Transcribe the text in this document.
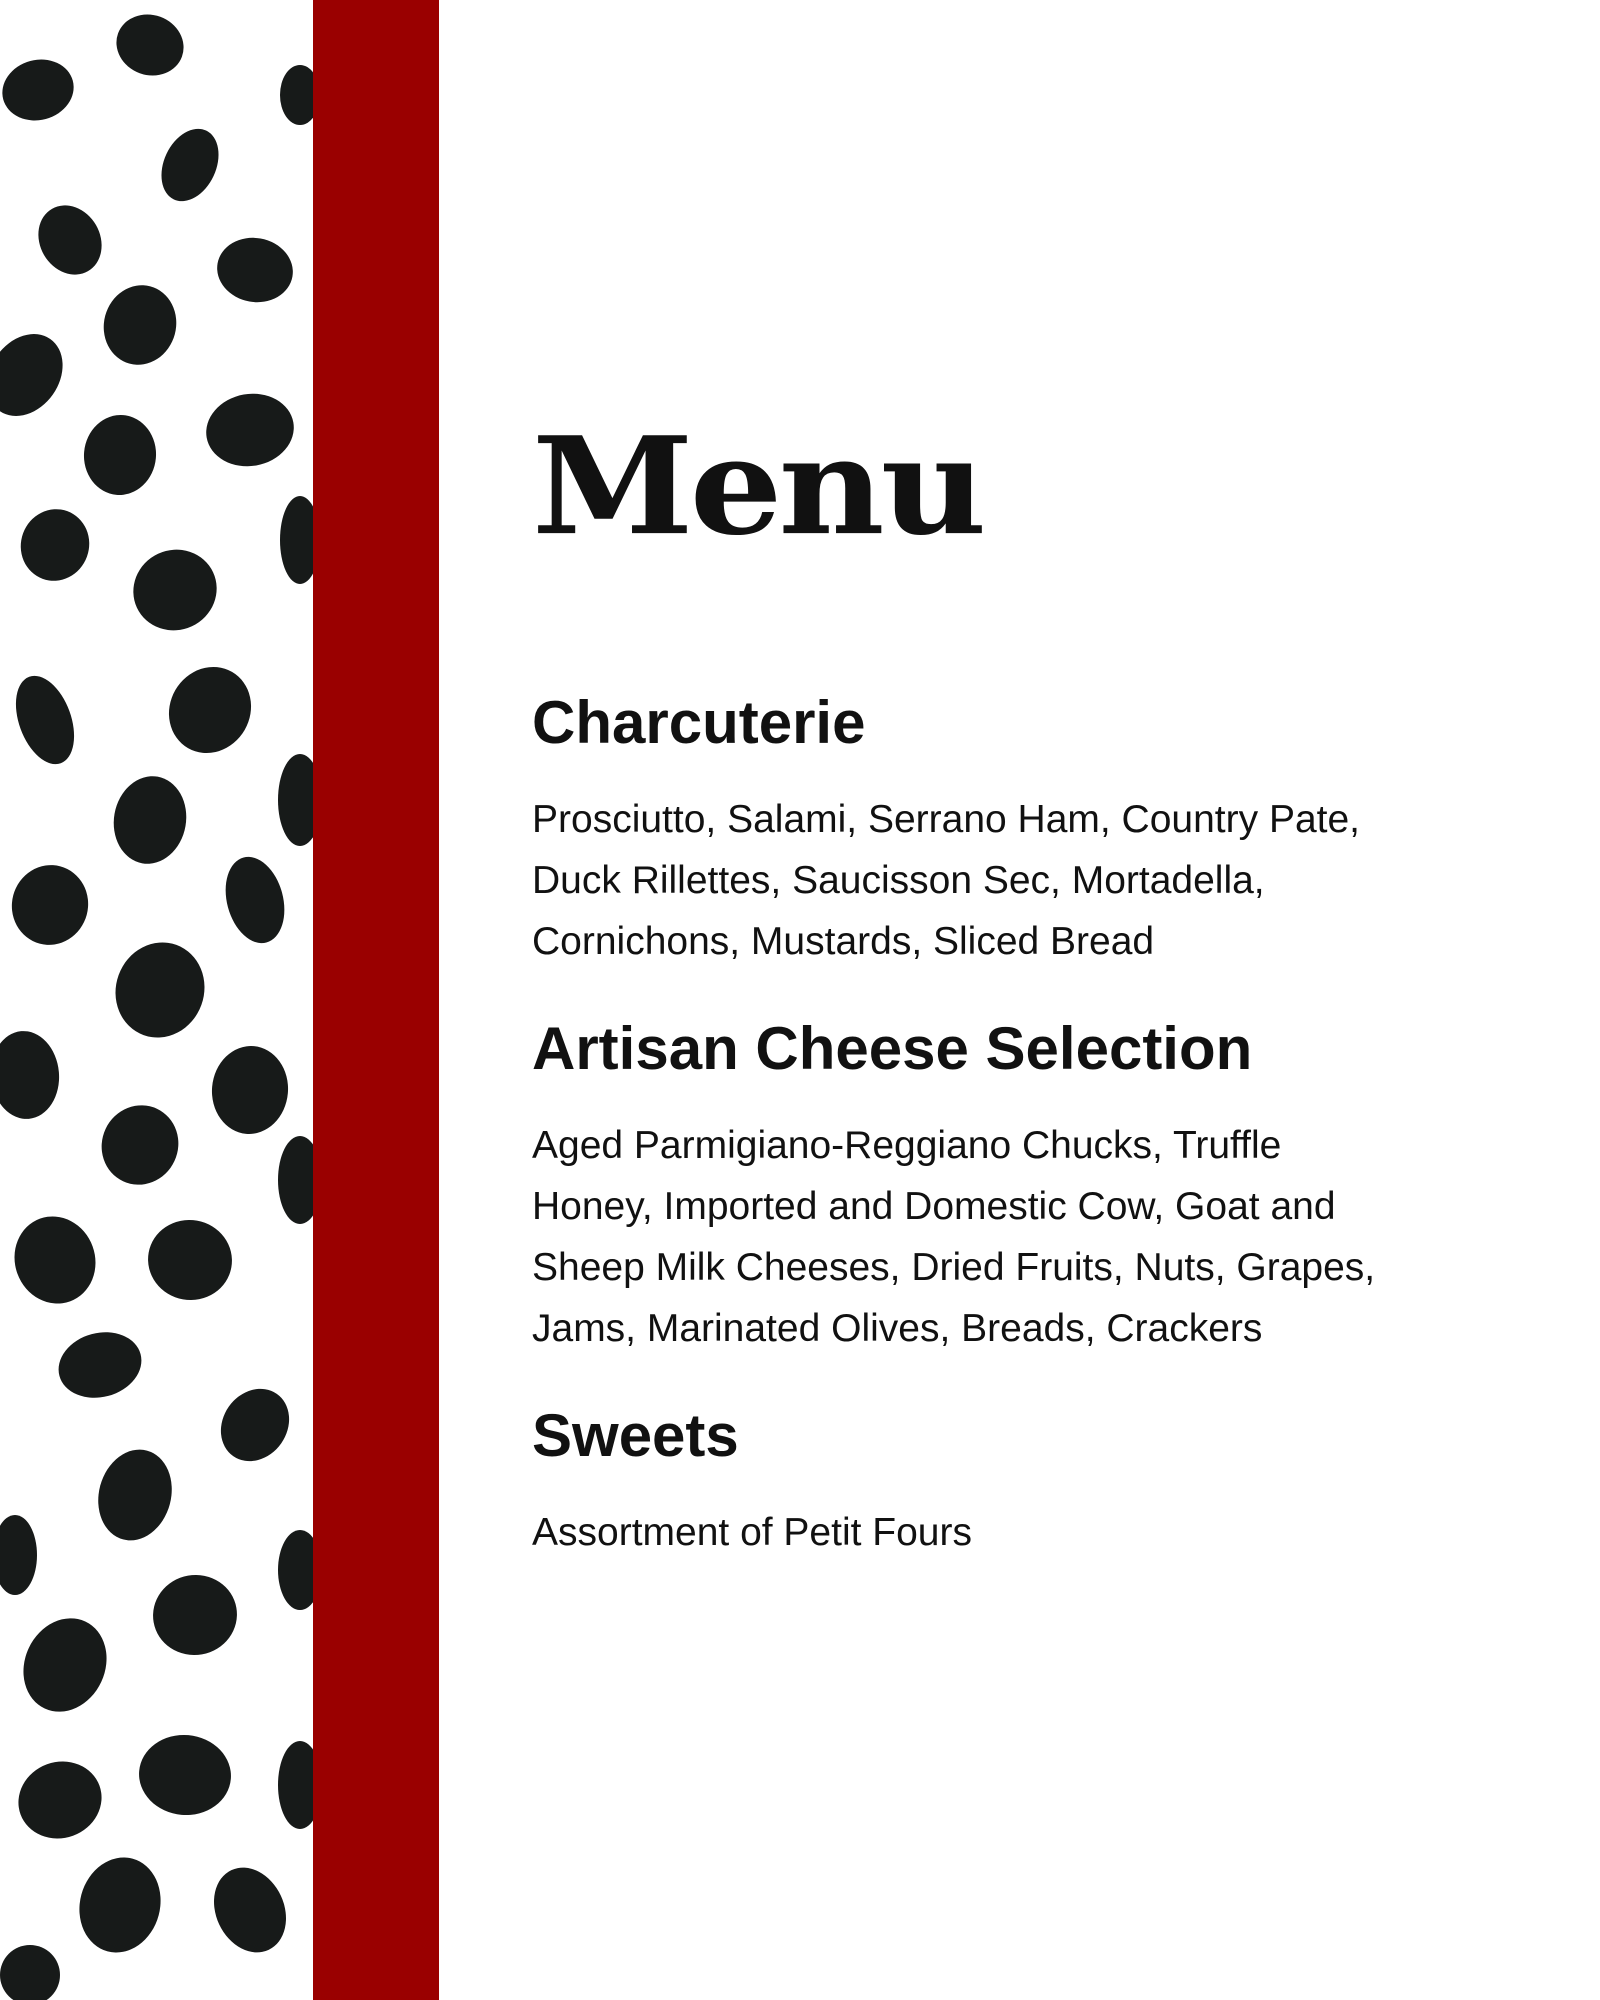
Menu
Charcuterie

Prosciutto, Salami, Serrano Ham, Country Pate,
Duck Rillettes, Saucisson Sec, Mortadella,
Cornichons, Mustards, Sliced Bread

Artisan Cheese Selection

Aged Parmigiano-Reggiano Chucks, Truffle
Honey, Imported and Domestic Cow, Goat and
Sheep Milk Cheeses, Dried Fruits, Nuts, Grapes,
Jams, Marinated Olives, Breads, Crackers

Sweets

Assortment of Petit Fours
